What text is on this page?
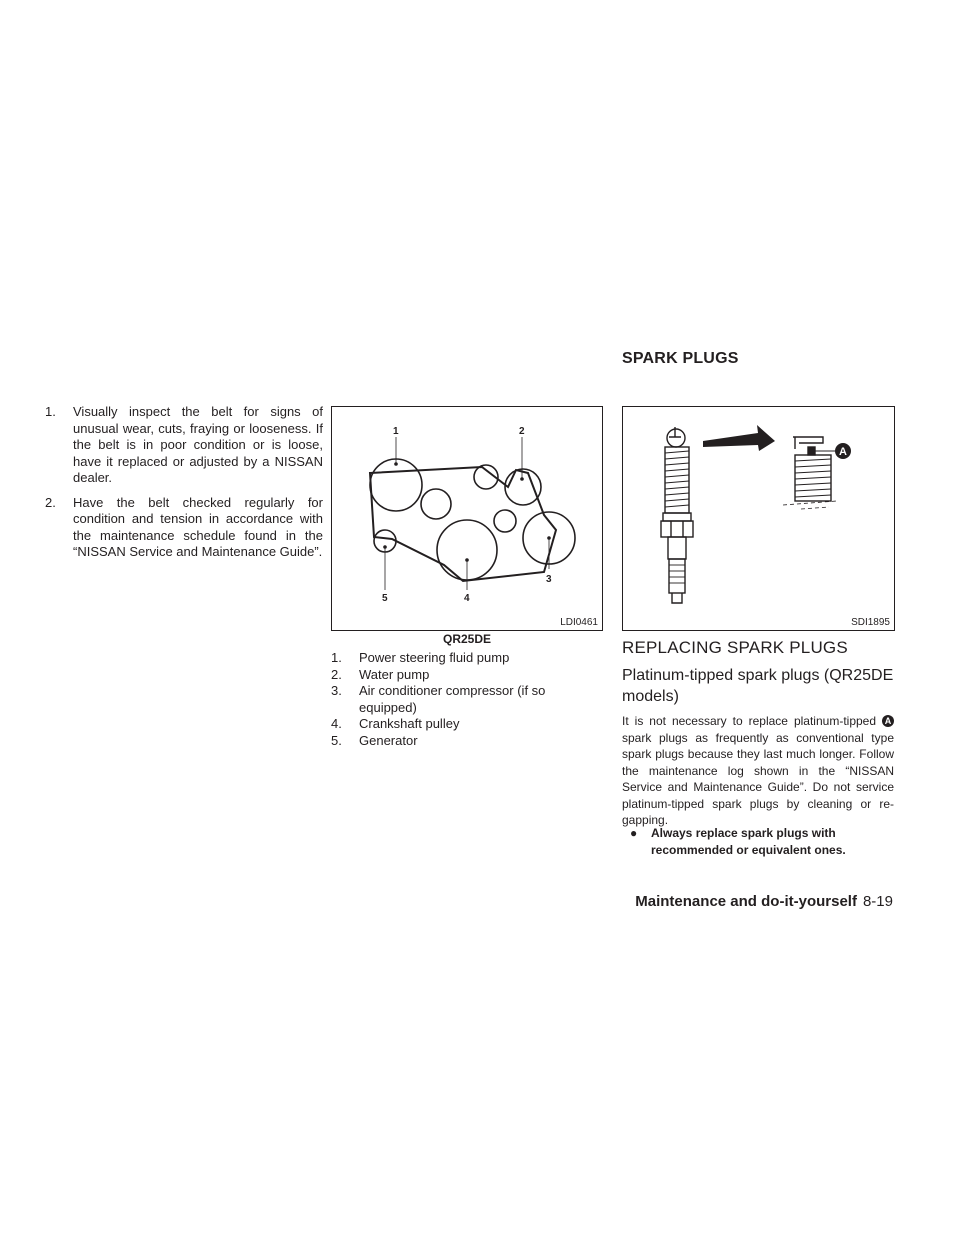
SPARK PLUGS
1. Visually inspect the belt for signs of unusual wear, cuts, fraying or looseness. If the belt is in poor condition or is loose, have it replaced or adjusted by a NISSAN dealer.
2. Have the belt checked regularly for condition and tension in accordance with the maintenance schedule found in the “NISSAN Service and Maintenance Guide”.
1	2
3
4
5
LDI0461
QR25DE
1. Power steering fluid pump
2. Water pump
3. Air conditioner compressor (if so equipped)
4. Crankshaft pulley
5. Generator
A
SDI1895
REPLACING SPARK PLUGS
Platinum-tipped spark plugs (QR25DE models)
It is not necessary to replace platinum-tipped A spark plugs as frequently as conventional type spark plugs because they last much longer. Follow the maintenance log shown in the “NISSAN Service and Maintenance Guide”. Do not service platinum-tipped spark plugs by cleaning or re-gapping.
●	Always replace spark plugs with recommended or equivalent ones.
Maintenance and do-it-yourself 8-19
